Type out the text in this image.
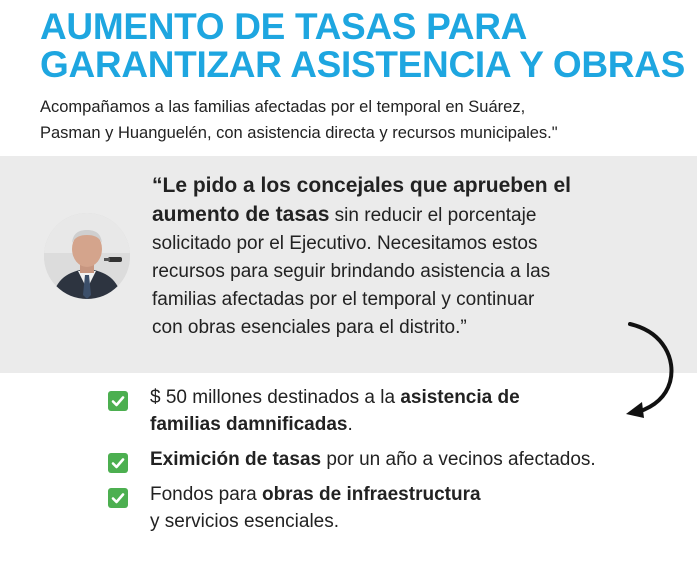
AUMENTO DE TASAS PARA
GARANTIZAR ASISTENCIA Y OBRAS

Acompañamos a las familias afectadas por el temporal en Suárez,
Pasman y Huanguelén, con asistencia directa y recursos municipales."

“Le pido a los concejales que aprueben el
aumento de tasas sin reducir el porcentaje
solicitado por el Ejecutivo. Necesitamos estos
recursos para seguir brindando asistencia a las
familias afectadas por el temporal y continuar
con obras esenciales para el distrito.”
$ 50 millones destinados a la asistencia de
familias damnificadas.
Eximición de tasas por un año a vecinos afectados.
Fondos para obras de infraestructura
y servicios esenciales.
